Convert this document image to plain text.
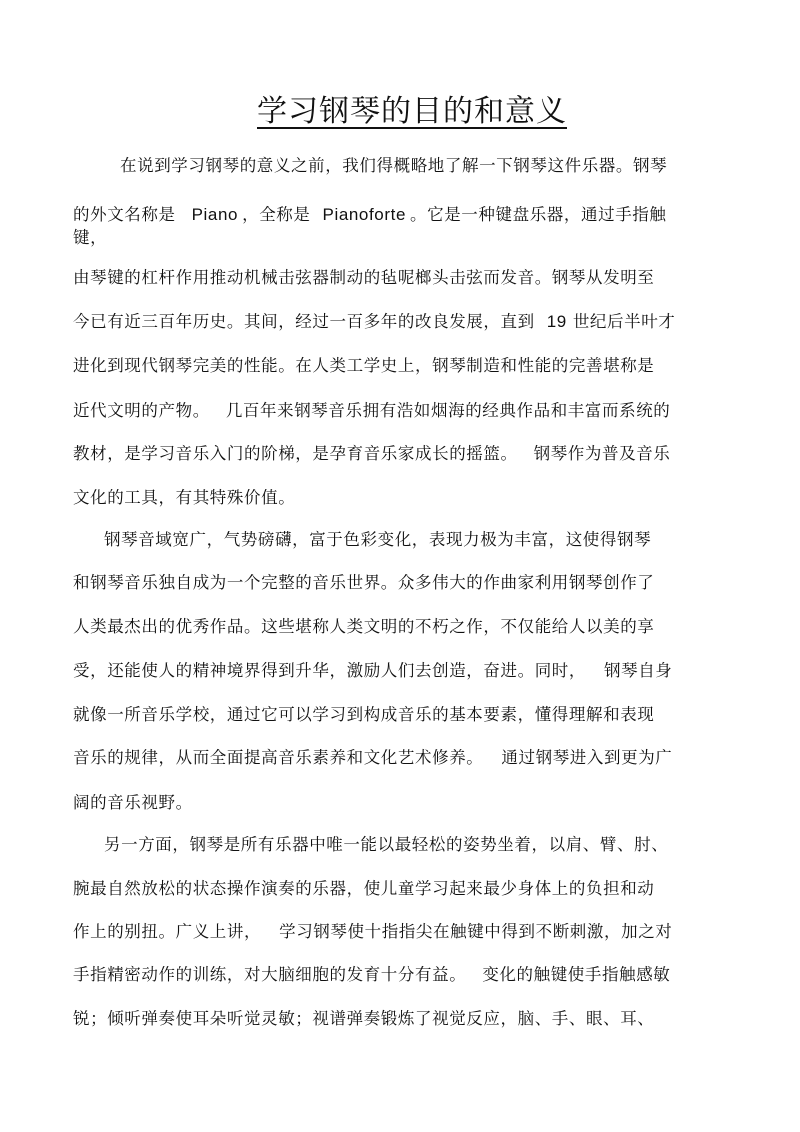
学习钢琴的目的和意义
在说到学习钢琴的意义之前，我们得概略地了解一下钢琴这件乐器。钢琴
的外文名称是 Piano ，全称是 Pianoforte 。它是一种键盘乐器，通过手指触
键，
由琴键的杠杆作用推动机械击弦器制动的毡呢榔头击弦而发音。钢琴从发明至
今已有近三百年历史。其间，经过一百多年的改良发展，直到 19 世纪后半叶才
进化到现代钢琴完美的性能。在人类工学史上，钢琴制造和性能的完善堪称是
近代文明的产物。 几百年来钢琴音乐拥有浩如烟海的经典作品和丰富而系统的
教材，是学习音乐入门的阶梯，是孕育音乐家成长的摇篮。 钢琴作为普及音乐
文化的工具，有其特殊价值。
钢琴音域宽广，气势磅礴，富于色彩变化，表现力极为丰富，这使得钢琴
和钢琴音乐独自成为一个完整的音乐世界。众多伟大的作曲家利用钢琴创作了
人类最杰出的优秀作品。这些堪称人类文明的不朽之作，不仅能给人以美的享
受，还能使人的精神境界得到升华，激励人们去创造，奋进。同时， 钢琴自身
就像一所音乐学校，通过它可以学习到构成音乐的基本要素，懂得理解和表现
音乐的规律，从而全面提高音乐素养和文化艺术修养。 通过钢琴进入到更为广
阔的音乐视野。
另一方面，钢琴是所有乐器中唯一能以最轻松的姿势坐着，以肩、臂、肘、
腕最自然放松的状态操作演奏的乐器，使儿童学习起来最少身体上的负担和动
作上的别扭。广义上讲， 学习钢琴使十指指尖在触键中得到不断刺激，加之对
手指精密动作的训练，对大脑细胞的发育十分有益。 变化的触键使手指触感敏
锐；倾听弹奏使耳朵听觉灵敏；视谱弹奏锻炼了视觉反应，脑、手、眼、耳、
